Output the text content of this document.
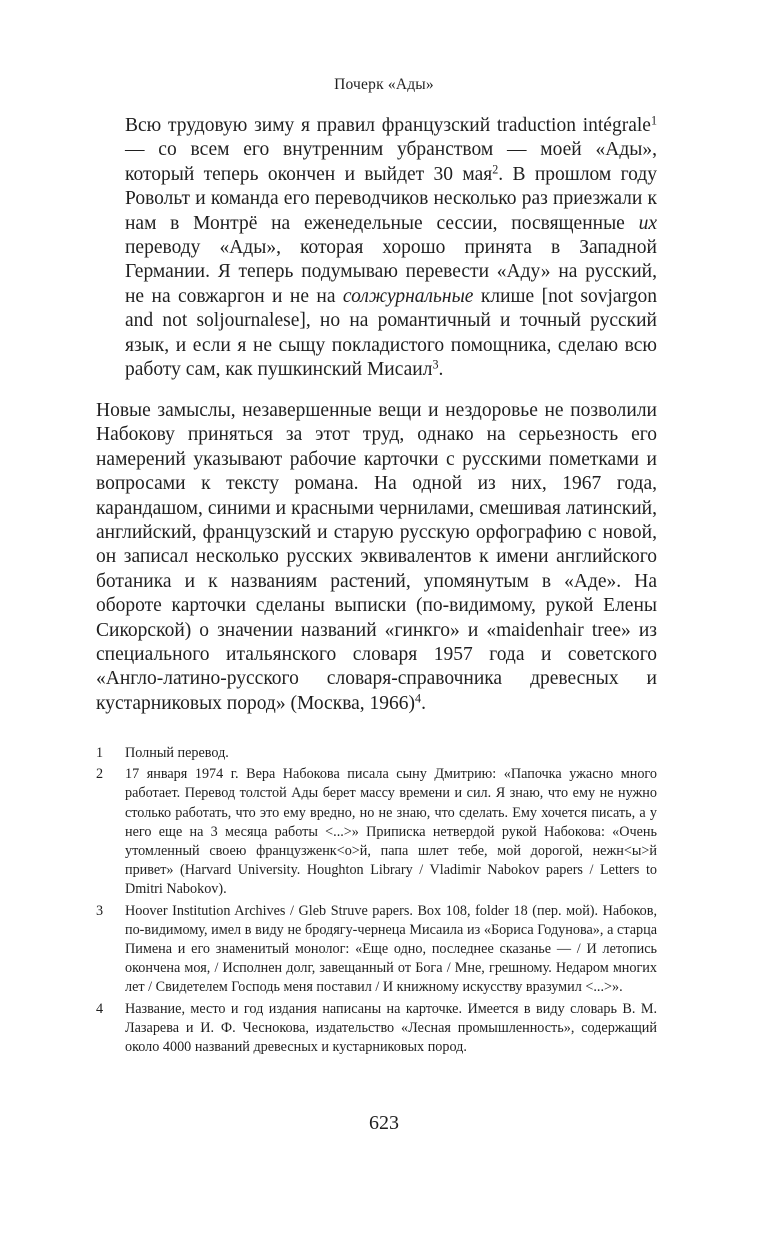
Почерк «Ады»

Всю трудовую зиму я правил французский traduction intégrale$^1$ — со всем его внутренним убранством — моей «Ады», который теперь окончен и выйдет 30 мая$^2$. В прошлом году Ровольт и команда его переводчиков несколько раз приезжали к нам в Монтрё на еженедельные сессии, посвященные их переводу «Ады», которая хорошо принята в Западной Германии. Я теперь подумываю перевести «Аду» на русский, не на совжаргон и не на солжурнальные клише [not sovjargon and not soljournalese], но на романтичный и точный русский язык, и если я не сыщу покладистого помощника, сделаю всю работу сам, как пушкинский Мисаил$^3$.

Новые замыслы, незавершенные вещи и нездоровье не позволили Набокову приняться за этот труд, однако на серьезность его намерений указывают рабочие карточки с русскими пометками и вопросами к тексту романа. На одной из них, 1967 года, карандашом, синими и красными чернилами, смешивая латинский, английский, французский и старую русскую орфографию с новой, он записал несколько русских эквивалентов к имени английского ботаника и к названиям растений, упомянутым в «Аде». На обороте карточки сделаны выписки (по-видимому, рукой Елены Сикорской) о значении названий «гинкго» и «maidenhair tree» из специального итальянского словаря 1957 года и советского «Англо-латино-русского словаря-справочника древесных и кустарниковых пород» (Москва, 1966)$^4$.

1 Полный перевод.
2 17 января 1974 г. Вера Набокова писала сыну Дмитрию: «Папочка ужасно много работает. Перевод толстой Ады берет массу времени и сил. Я знаю, что ему не нужно столько работать, что это ему вредно, но не знаю, что сделать. Ему хочется писать, а у него еще на 3 месяца работы <...>» Приписка нетвердой рукой Набокова: «Очень утомленный своею французженк<о>й, папа шлет тебе, мой дорогой, нежн<ы>й привет» (Harvard University. Houghton Library / Vladimir Nabokov papers / Letters to Dmitri Nabokov).
3 Hoover Institution Archives / Gleb Struve papers. Box 108, folder 18 (пер. мой). Набоков, по-видимому, имел в виду не бродягу-чернеца Мисаила из «Бориса Годунова», а старца Пимена и его знаменитый монолог: «Еще одно, последнее сказанье — / И летопись окончена моя, / Исполнен долг, завещанный от Бога / Мне, грешному. Недаром многих лет / Свидетелем Господь меня поставил / И книжному искусству вразумил <...>».
4 Название, место и год издания написаны на карточке. Имеется в виду словарь В. М. Лазарева и И. Ф. Чеснокова, издательство «Лесная промышленность», содержащий около 4000 названий древесных и кустарниковых пород.
623
